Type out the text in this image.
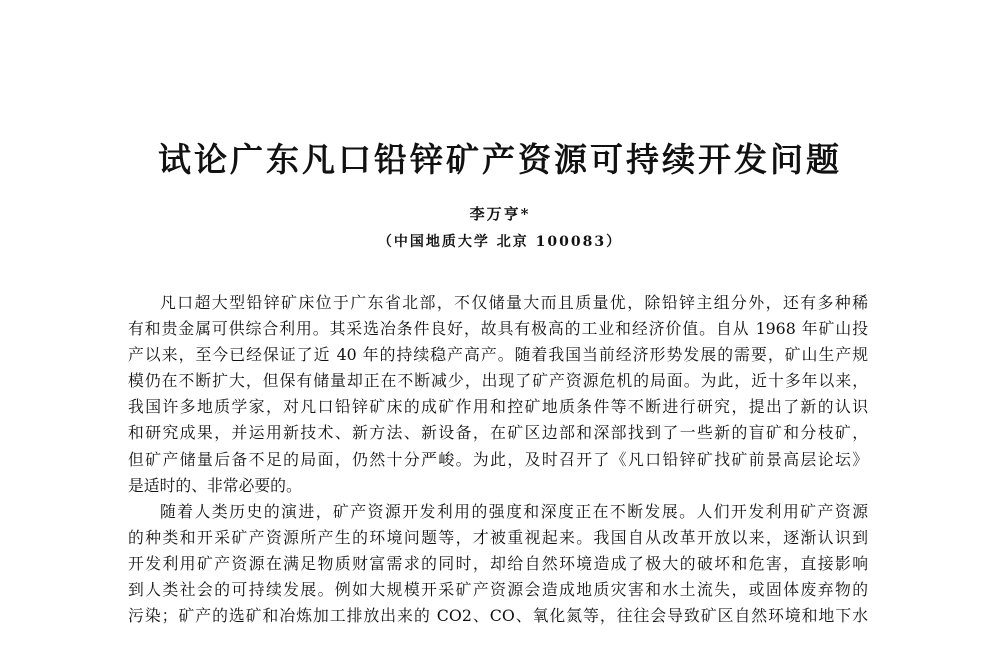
试论广东凡口铅锌矿产资源可持续开发问题
李万亨*
（中国地质大学 北京 100083）
凡口超大型铅锌矿床位于广东省北部，不仅储量大而且质量优，除铅锌主组分外，还有多种稀
有和贵金属可供综合利用。其采选冶条件良好，故具有极高的工业和经济价值。自从 1968 年矿山投
产以来，至今已经保证了近 40 年的持续稳产高产。随着我国当前经济形势发展的需要，矿山生产规
模仍在不断扩大，但保有储量却正在不断减少，出现了矿产资源危机的局面。为此，近十多年以来，
我国许多地质学家，对凡口铅锌矿床的成矿作用和控矿地质条件等不断进行研究，提出了新的认识
和研究成果，并运用新技术、新方法、新设备，在矿区边部和深部找到了一些新的盲矿和分枝矿，
但矿产储量后备不足的局面，仍然十分严峻。为此，及时召开了《凡口铅锌矿找矿前景高层论坛》
是适时的、非常必要的。
随着人类历史的演进，矿产资源开发利用的强度和深度正在不断发展。人们开发利用矿产资源
的种类和开采矿产资源所产生的环境问题等，才被重视起来。我国自从改革开放以来，逐渐认识到
开发利用矿产资源在满足物质财富需求的同时，却给自然环境造成了极大的破坏和危害，直接影响
到人类社会的可持续发展。例如大规模开采矿产资源会造成地质灾害和水土流失，或固体废弃物的
污染；矿产的选矿和冶炼加工排放出来的 CO2、CO、氧化氮等，往往会导致矿区自然环境和地下水
